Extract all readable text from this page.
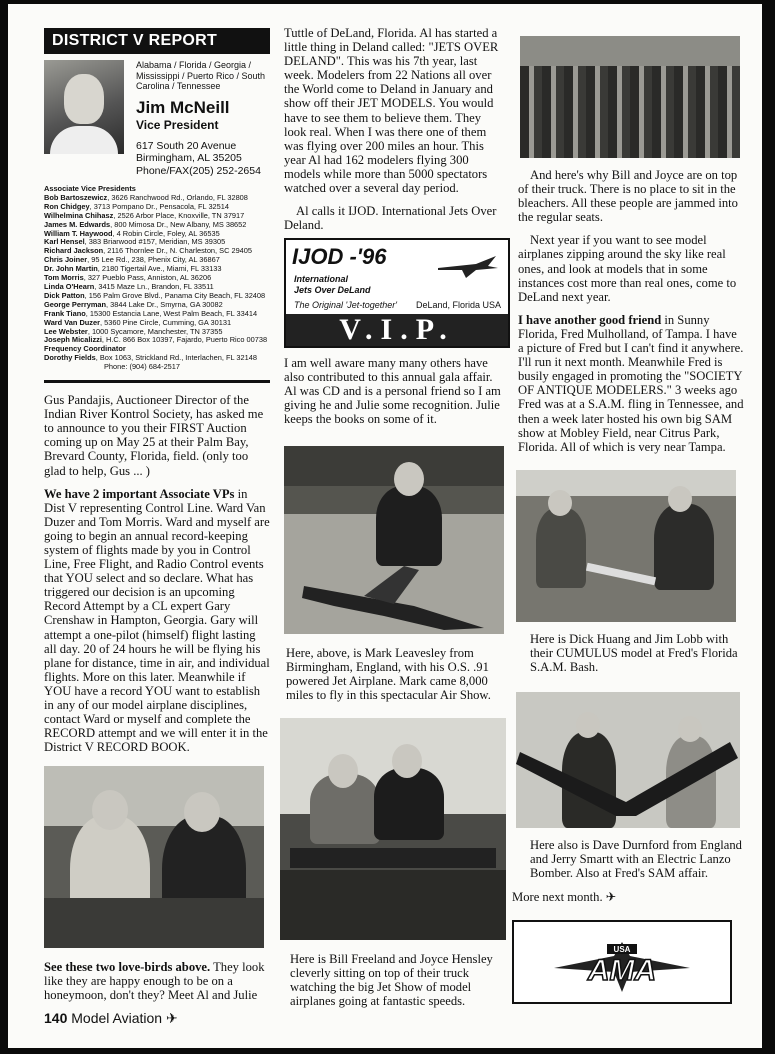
DISTRICT V REPORT
Alabama / Florida / Georgia / Mississippi / Puerto Rico / South Carolina / Tennessee
Jim McNeill
Vice President
617 South 20 Avenue
Birmingham, AL 35205
Phone/FAX(205) 252-2654
Associate Vice Presidents
Bob Bartoszewicz, 3626 Ranchwood Rd., Orlando, FL 32808
Ron Chidgey, 3713 Pompano Dr., Pensacola, FL 32514
Wilhelmina Chihasz, 2526 Arbor Place, Knoxville, TN 37917
James M. Edwards, 800 Mimosa Dr., New Albany, MS 38652
William T. Haywood, 4 Robin Circle, Foley, AL 36535
Karl Hensel, 383 Briarwood #157, Meridian, MS 39305
Richard Jackson, 2116 Thornlee Dr., N. Charleston, SC 29405
Chris Joiner, 95 Lee Rd., 238, Phenix City, AL 36867
Dr. John Martin, 2180 Tigertail Ave., Miami, FL 33133
Tom Morris, 327 Pueblo Pass, Anniston, AL 36206
Linda O'Hearn, 3415 Maze Ln., Brandon, FL 33511
Dick Patton, 156 Palm Grove Blvd., Panama City Beach, FL 32408
George Perryman, 3844 Lake Dr., Smyrna, GA 30082
Frank Tiano, 15300 Estancia Lane, West Palm Beach, FL 33414
Ward Van Duzer, 5360 Pine Circle, Cumming, GA 30131
Lee Webster, 1000 Sycamore, Manchester, TN 37355
Joseph Micalizzi, H.C. 866 Box 10397, Fajardo, Puerto Rico 00738
Frequency Coordinator
Dorothy Fields, Box 1063, Strickland Rd., Interlachen, FL 32148
Phone: (904) 684-2517

Gus Pandajis, Auctioneer Director of the Indian River Kontrol Society, has asked me to announce to you their FIRST Auction coming up on May 25 at their Palm Bay, Brevard County, Florida, field. (only too glad to help, Gus ... )

We have 2 important Associate VPs in Dist V representing Control Line. Ward Van Duzer and Tom Morris. Ward and myself are going to begin an annual record-keeping system of flights made by you in Control Line, Free Flight, and Radio Control events that YOU select and so declare. What has triggered our decision is an upcoming Record Attempt by a CL expert Gary Crenshaw in Hampton, Georgia. Gary will attempt a one-pilot (himself) flight lasting all day. 20 of 24 hours he will be flying his plane for distance, time in air, and individual flights. More on this later. Meanwhile if YOU have a record YOU want to establish in any of our model airplane disciplines, contact Ward or myself and complete the RECORD attempt and we will enter it in the District V RECORD BOOK.

See these two love-birds above. They look like they are happy enough to be on a honeymoon, don't they? Meet Al and Julie

Tuttle of DeLand, Florida. Al has started a little thing in Deland called: "JETS OVER DELAND". This was his 7th year, last week. Modelers from 22 Nations all over the World come to Deland in January and show off their JET MODELS. You would have to see them to believe them. They look real. When I was there one of them was flying over 200 miles an hour. This year Al had 162 modelers flying 300 models while more than 5000 spectators watched over a several day period.

Al calls it IJOD. International Jets Over Deland.

IJOD -'96
International
Jets Over DeLand
The Original 'Jet-together' DeLand, Florida USA
V.I.P.
I am well aware many many others have also contributed to this annual gala affair. Al was CD and is a personal friend so I am giving he and Julie some recognition. Julie keeps the books on some of it.
Here, above, is Mark Leavesley from Birmingham, England, with his O.S. .91 powered Jet Airplane. Mark came 8,000 miles to fly in this spectacular Air Show.
Here is Bill Freeland and Joyce Hensley cleverly sitting on top of their truck watching the big Jet Show of model airplanes going at fantastic speeds.

And here's why Bill and Joyce are on top of their truck. There is no place to sit in the bleachers. All these people are jammed into the regular seats.

Next year if you want to see model airplanes zipping around the sky like real ones, and look at models that in some instances cost more than real ones, come to DeLand next year.

I have another good friend in Sunny Florida, Fred Mulholland, of Tampa. I have a picture of Fred but I can't find it anywhere. I'll run it next month. Meanwhile Fred is busily engaged in promoting the "SOCIETY OF ANTIQUE MODELERS." 3 weeks ago Fred was at a S.A.M. fling in Tennessee, and then a week later hosted his own big SAM show at Mobley Field, near Citrus Park, Florida. All of which is very near Tampa.

Here is Dick Huang and Jim Lobb with their CUMULUS model at Fred's Florida S.A.M. Bash.
Here also is Dave Durnford from England and Jerry Smartt with an Electric Lanzo Bomber. Also at Fred's SAM affair.
More next month. ✈
USA
AMA
140 Model Aviation ✈
